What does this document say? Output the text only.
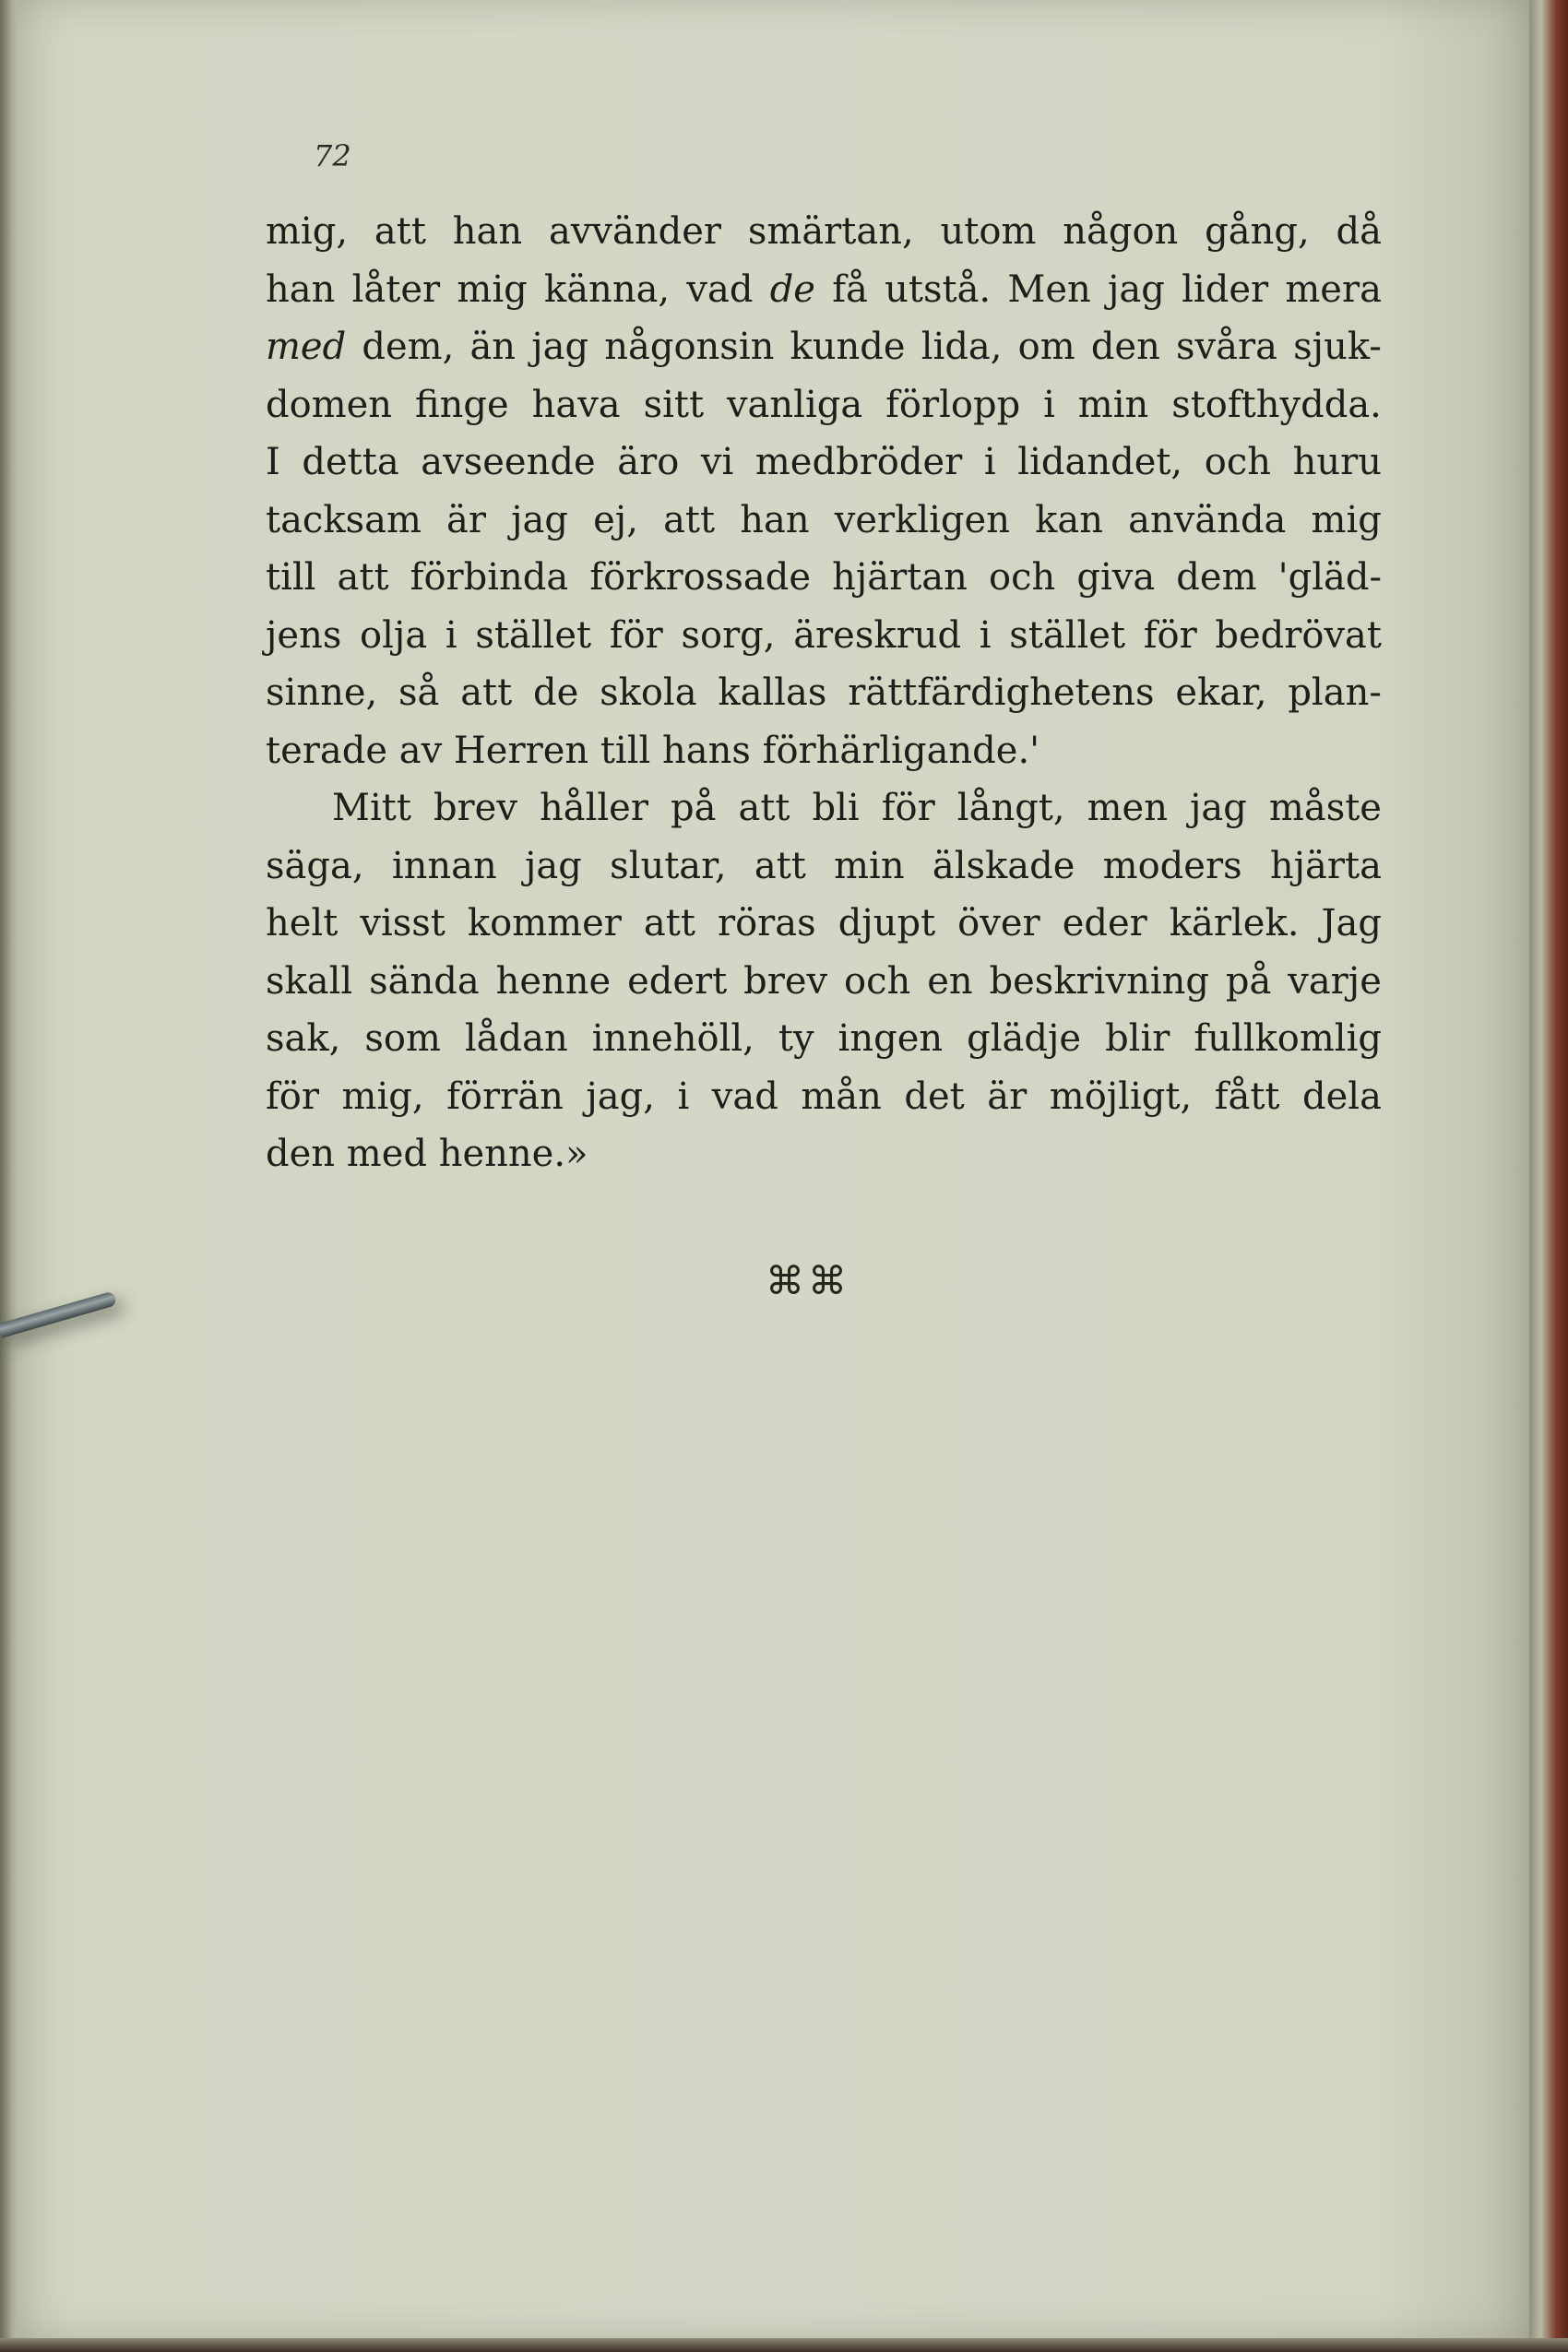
72
mig, att han avvänder smärtan, utom någon gång, då
han låter mig känna, vad de få utstå. Men jag lider mera
med dem, än jag någonsin kunde lida, om den svåra sjuk-
domen finge hava sitt vanliga förlopp i min stofthydda.
I detta avseende äro vi medbröder i lidandet, och huru
tacksam är jag ej, att han verkligen kan använda mig
till att förbinda förkrossade hjärtan och giva dem 'gläd-
jens olja i stället för sorg, äreskrud i stället för bedrövat
sinne, så att de skola kallas rättfärdighetens ekar, plan-
terade
av
Herren
till
hans
förhärligande.'
Mitt brev håller på att bli för långt, men jag måste
säga, innan jag slutar, att min älskade moders hjärta
helt visst kommer att röras djupt över eder kärlek. Jag
skall sända henne edert brev och en beskrivning på varje
sak, som lådan innehöll, ty ingen glädje blir fullkomlig
för mig, förrän jag, i vad mån det är möjligt, fått dela
den
med
henne.»
⌘⌘
